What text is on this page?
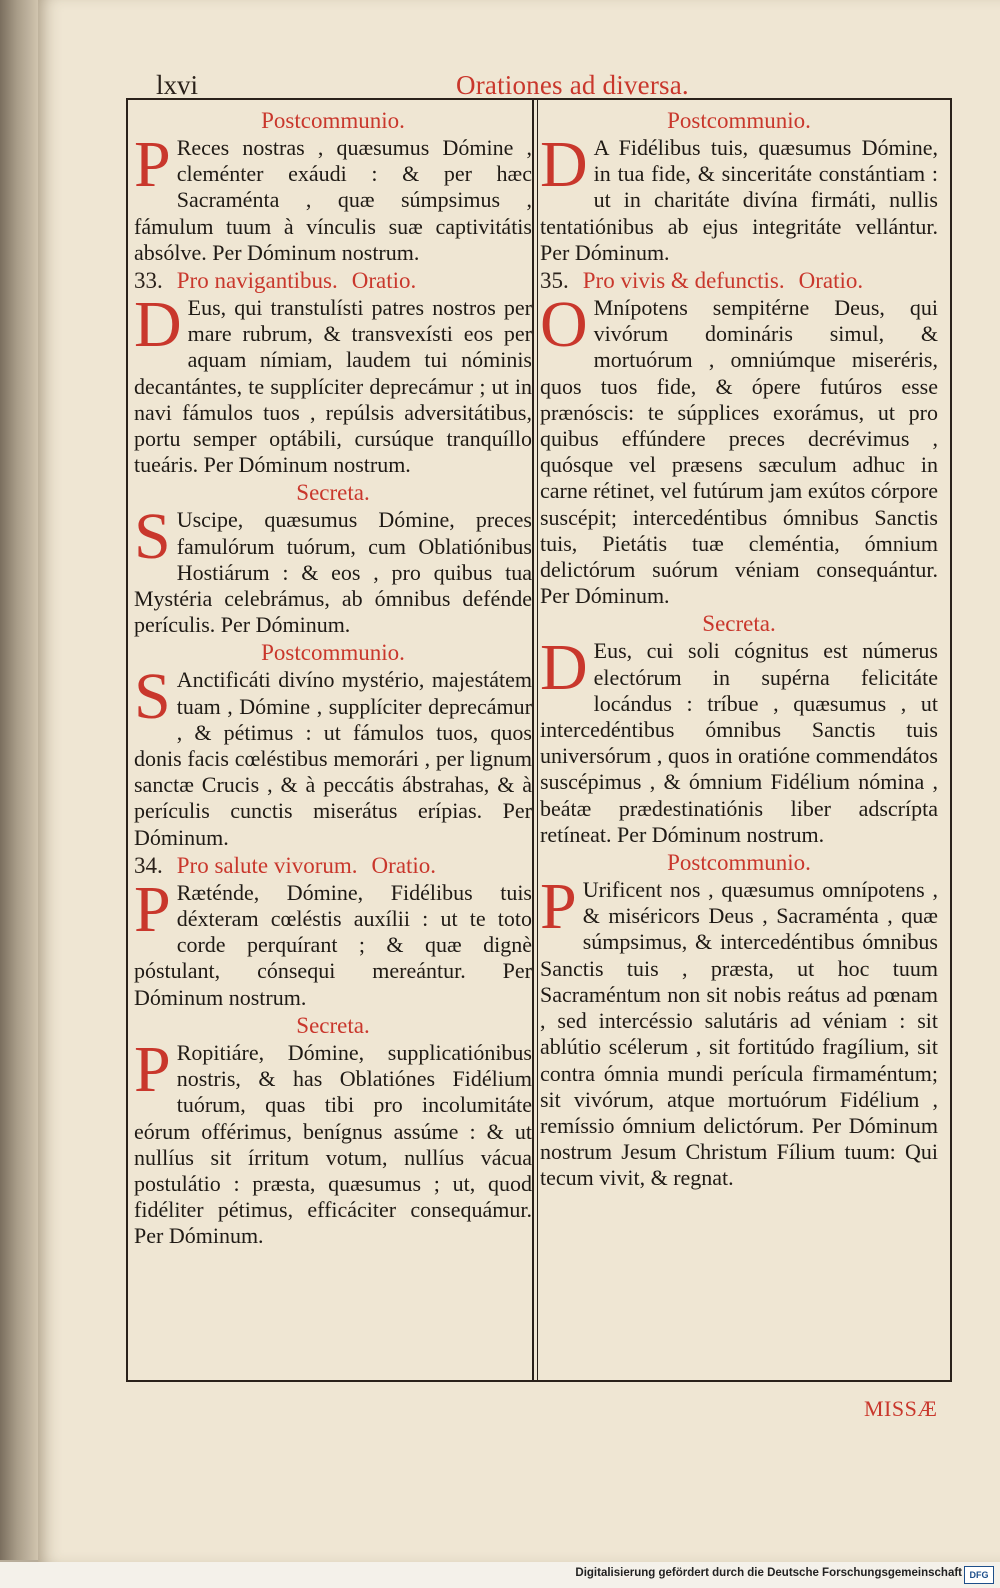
lxvi	Orationes ad diversa.
Postcommunio.
P Reces nostras , quæsumus Dómine , cleménter exáudi : & per hæc Sacraménta , quæ súmpsimus , fámulum tuum à vínculis suæ captivitátis absólve. Per Dóminum nostrum.
33. Pro navigantibus. Oratio.
D Eus, qui transtulísti patres nostros per mare rubrum, & transvexísti eos per aquam nímiam, laudem tui nóminis decantántes, te supplíciter deprecámur ; ut in navi fámulos tuos , repúlsis adversitátibus, portu semper optábili, cursúque tranquíllo tueáris. Per Dóminum nostrum.
Secreta.
S Uscipe, quæsumus Dómine, preces famulórum tuórum, cum Oblatiónibus Hostiárum : & eos , pro quibus tua Mystéria celebrámus, ab ómnibus defénde perículis. Per Dóminum.
Postcommunio.
S Anctificáti divíno mystério, majestátem tuam , Dómine , supplíciter deprecámur , & pétimus : ut fámulos tuos, quos donis facis cœléstibus memorári , per lignum sanctæ Crucis , & à peccátis ábstrahas, & à perículis cunctis miserátus erípias. Per Dóminum.
34. Pro salute vivorum. Oratio.
P Ræténde, Dómine, Fidélibus tuis déxteram cœléstis auxílii : ut te toto corde perquírant ; & quæ dignè póstulant, cónsequi mereántur. Per Dóminum nostrum.
Secreta.
P Ropitiáre, Dómine, supplicatiónibus nostris, & has Oblatiónes Fidélium tuórum, quas tibi pro incolumitáte eórum offérimus, benígnus assúme : & ut nullíus sit írritum votum, nullíus vácua postulátio : præsta, quæsumus ; ut, quod fidéliter pétimus, efficáciter consequámur. Per Dóminum.
Postcommunio.
D A Fidélibus tuis, quæsumus Dómine, in tua fide, & sinceritáte constántiam : ut in charitáte divína firmáti, nullis tentatiónibus ab ejus integritáte vellántur. Per Dóminum.
35. Pro vivis & defunctis. Oratio.
O Mnípotens sempitérne Deus, qui vivórum domináris simul, & mortuórum , omniúmque miseréris, quos tuos fide, & ópere futúros esse prænóscis: te súpplices exorámus, ut pro quibus effúndere preces decrévimus , quósque vel præsens sæculum adhuc in carne rétinet, vel futúrum jam exútos córpore suscépit; intercedéntibus ómnibus Sanctis tuis, Pietátis tuæ cleméntia, ómnium delictórum suórum véniam consequántur. Per Dóminum.
Secreta.
D Eus, cui soli cógnitus est númerus electórum in supérna felicitáte locándus : tríbue , quæsumus , ut intercedéntibus ómnibus Sanctis tuis universórum , quos in oratióne commendátos suscépimus , & ómnium Fidélium nómina , beátæ prædestinatiónis liber adscrípta retíneat. Per Dóminum nostrum.
Postcommunio.
P Urificent nos , quæsumus omnípotens , & miséricors Deus , Sacraménta , quæ súmpsimus, & intercedéntibus ómnibus Sanctis tuis , præsta, ut hoc tuum Sacraméntum non sit nobis reátus ad pœnam , sed intercéssio salutáris ad véniam : sit ablútio scélerum , sit fortitúdo fragílium, sit contra ómnia mundi perícula firmaméntum; sit vivórum, atque mortuórum Fidélium , remíssio ómnium delictórum. Per Dóminum nostrum Jesum Christum Fílium tuum: Qui tecum vivit, & regnat.
MISSÆ
Digitalisierung gefördert durch die Deutsche Forschungsgemeinschaft DFG
